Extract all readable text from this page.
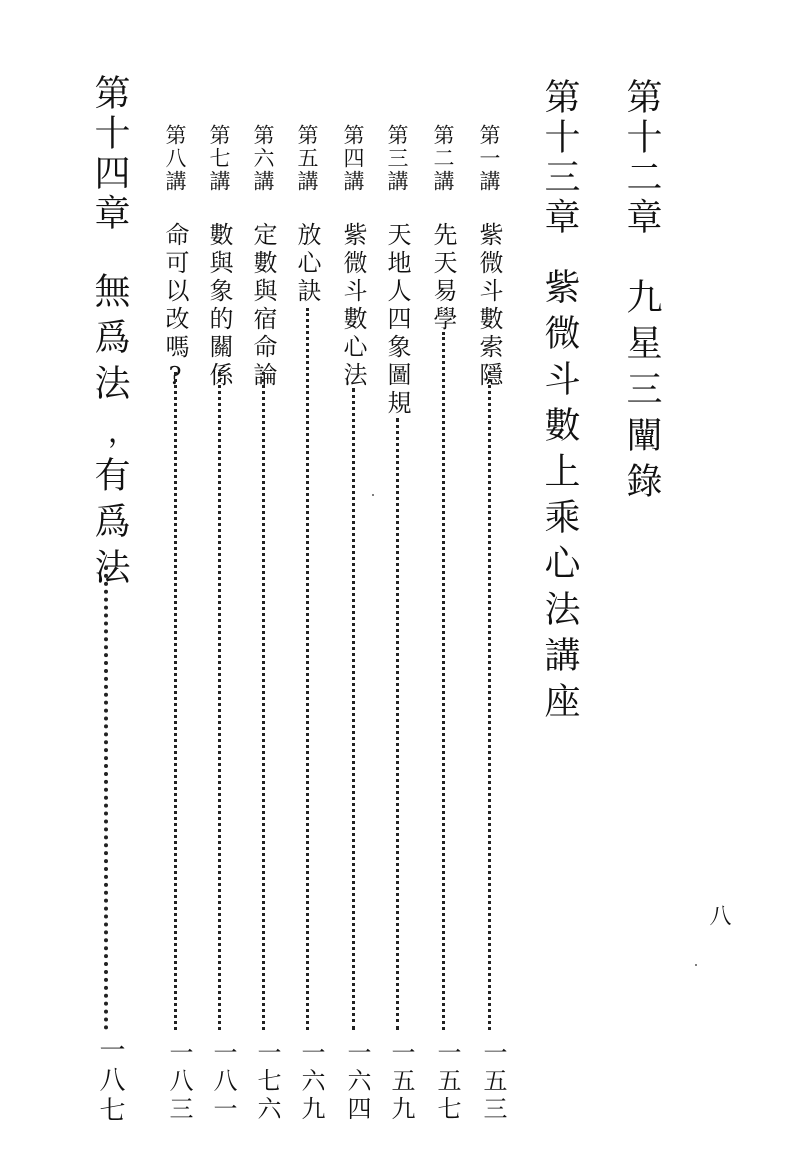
第十二章
九星三闡錄
第十三章
紫微斗數上乘心法講座
第一講
紫微斗數索隱
一五三
第二講
先天易學
一五七
第三講
天地人四象圖規
一五九
第四講
紫微斗數心法
一六四
第五講
放心訣
一六九
第六講
定數與宿命論
一七六
第七講
數與象的關係
一八一
第八講
命可以改嗎?
一八三
第十四章
無爲法﹐有爲法
一八七
八
